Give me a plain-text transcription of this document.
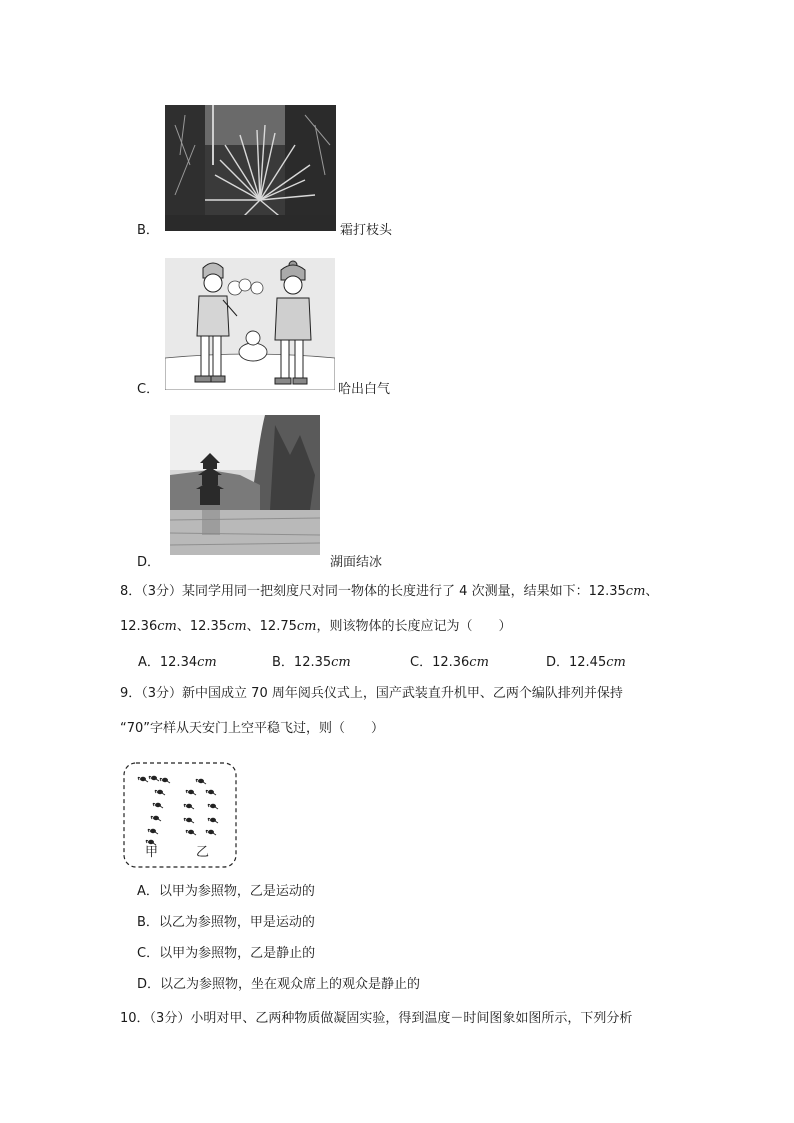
B．	霜打枝头
C．	哈出白气
D．	湖面结冰
8．（3分）某同学用同一把刻度尺对同一物体的长度进行了 4 次测量，结果如下：12.35cm、
12.36cm、12.35cm、12.75cm，则该物体的长度应记为（　　）
A．12.34cm	B．12.35cm	C．12.36cm	D．12.45cm
9．（3分）新中国成立 70 周年阅兵仪式上，国产武装直升机甲、乙两个编队排列并保持
“70”字样从天安门上空平稳飞过，则（　　）
甲	乙
A．以甲为参照物，乙是运动的
B．以乙为参照物，甲是运动的
C．以甲为参照物，乙是静止的
D．以乙为参照物，坐在观众席上的观众是静止的
10．（3分）小明对甲、乙两种物质做凝固实验，得到温度－时间图象如图所示，下列分析
